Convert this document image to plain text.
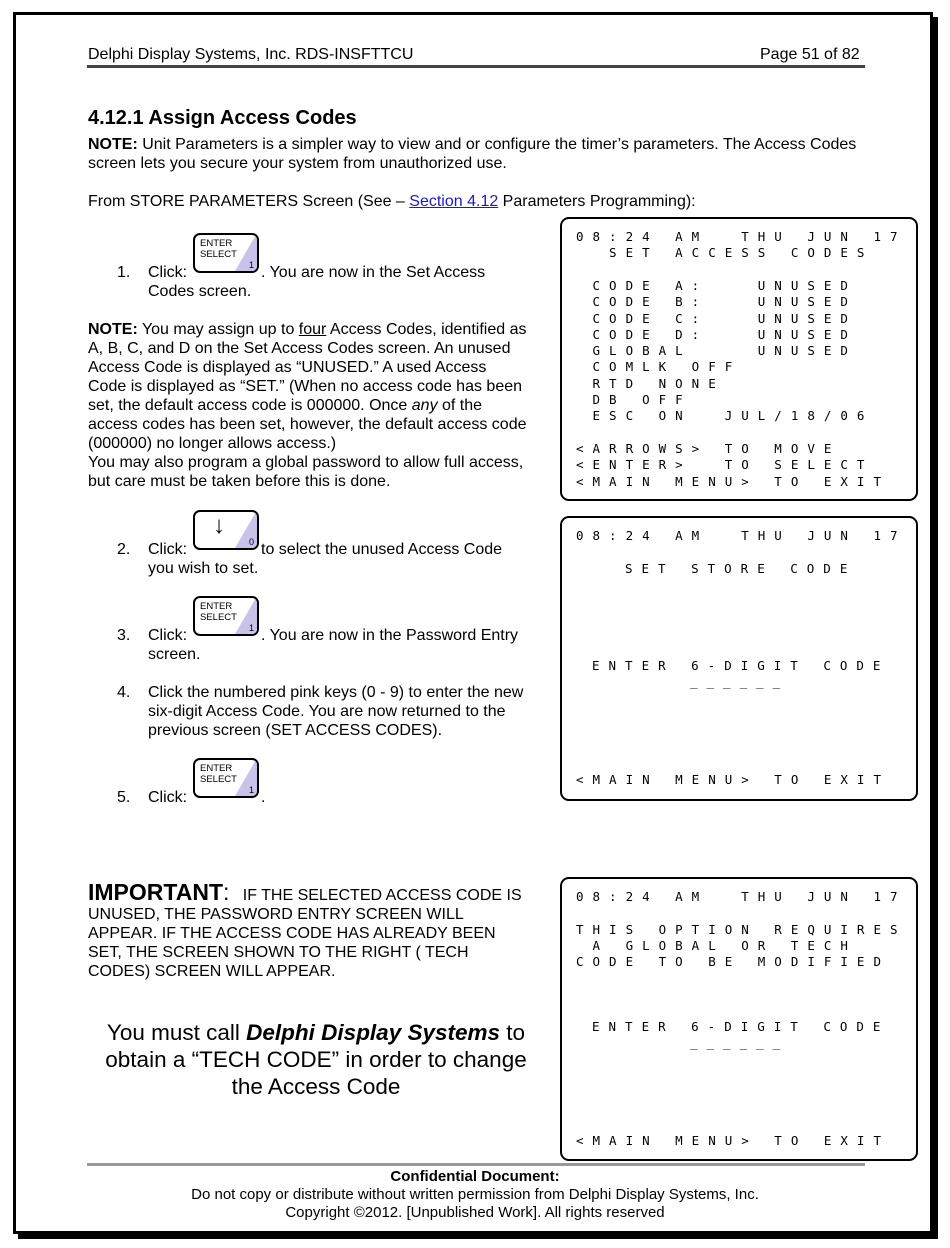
Delphi Display Systems, Inc. RDS-INSFTTCU	Page 51 of 82
4.12.1 Assign Access Codes
NOTE: Unit Parameters is a simpler way to view and or configure the timer’s parameters. The Access Codes screen lets you secure your system from unauthorized use.
From STORE PARAMETERS Screen (See – Section 4.12 Parameters Programming):
1. Click:
ENTER
SELECT
1 . You are now in the Set Access
Codes screen.
NOTE: You may assign up to four Access Codes, identified as
A, B, C, and D on the Set Access Codes screen. An unused
Access Code is displayed as “UNUSED.” A used Access
Code is displayed as “SET.” (When no access code has been
set, the default access code is 000000. Once any of the
access codes has been set, however, the default access code
(000000) no longer allows access.)
You may also program a global password to allow full access,
but care must be taken before this is done.
2. Click:
↓
0 to select the unused Access Code
you wish to set.
3. Click:
ENTER
SELECT
1 . You are now in the Password Entry
screen.
4. Click the numbered pink keys (0 - 9) to enter the new
six-digit Access Code. You are now returned to the
previous screen (SET ACCESS CODES).
5. Click:
ENTER
SELECT
1 .
IMPORTANT: IF THE SELECTED ACCESS CODE IS
UNUSED, THE PASSWORD ENTRY SCREEN WILL
APPEAR. IF THE ACCESS CODE HAS ALREADY BEEN
SET, THE SCREEN SHOWN TO THE RIGHT ( TECH
CODES) SCREEN WILL APPEAR.
You must call Delphi Display Systems to
obtain a “TECH CODE” in order to change
the Access Code
08:24 AM  THU JUN 17
SET ACCESS CODES
CODE A:   UNUSED
CODE B:   UNUSED
CODE C:   UNUSED
CODE D:   UNUSED
GLOBAL    UNUSED
COMLK OFF
RTD NONE
DB OFF
ESC ON  JUL/18/06
<ARROWS> TO MOVE
<ENTER>  TO SELECT
<MAIN MENU> TO EXIT
08:24 AM  THU JUN 17
SET STORE CODE
ENTER 6-DIGIT CODE
______
<MAIN MENU> TO EXIT
08:24 AM  THU JUN 17
THIS OPTION REQUIRES
A GLOBAL OR TECH
CODE TO BE MODIFIED
ENTER 6-DIGIT CODE
______
<MAIN MENU> TO EXIT
Confidential Document:
Do not copy or distribute without written permission from Delphi Display Systems, Inc.
Copyright ©2012. [Unpublished Work]. All rights reserved
